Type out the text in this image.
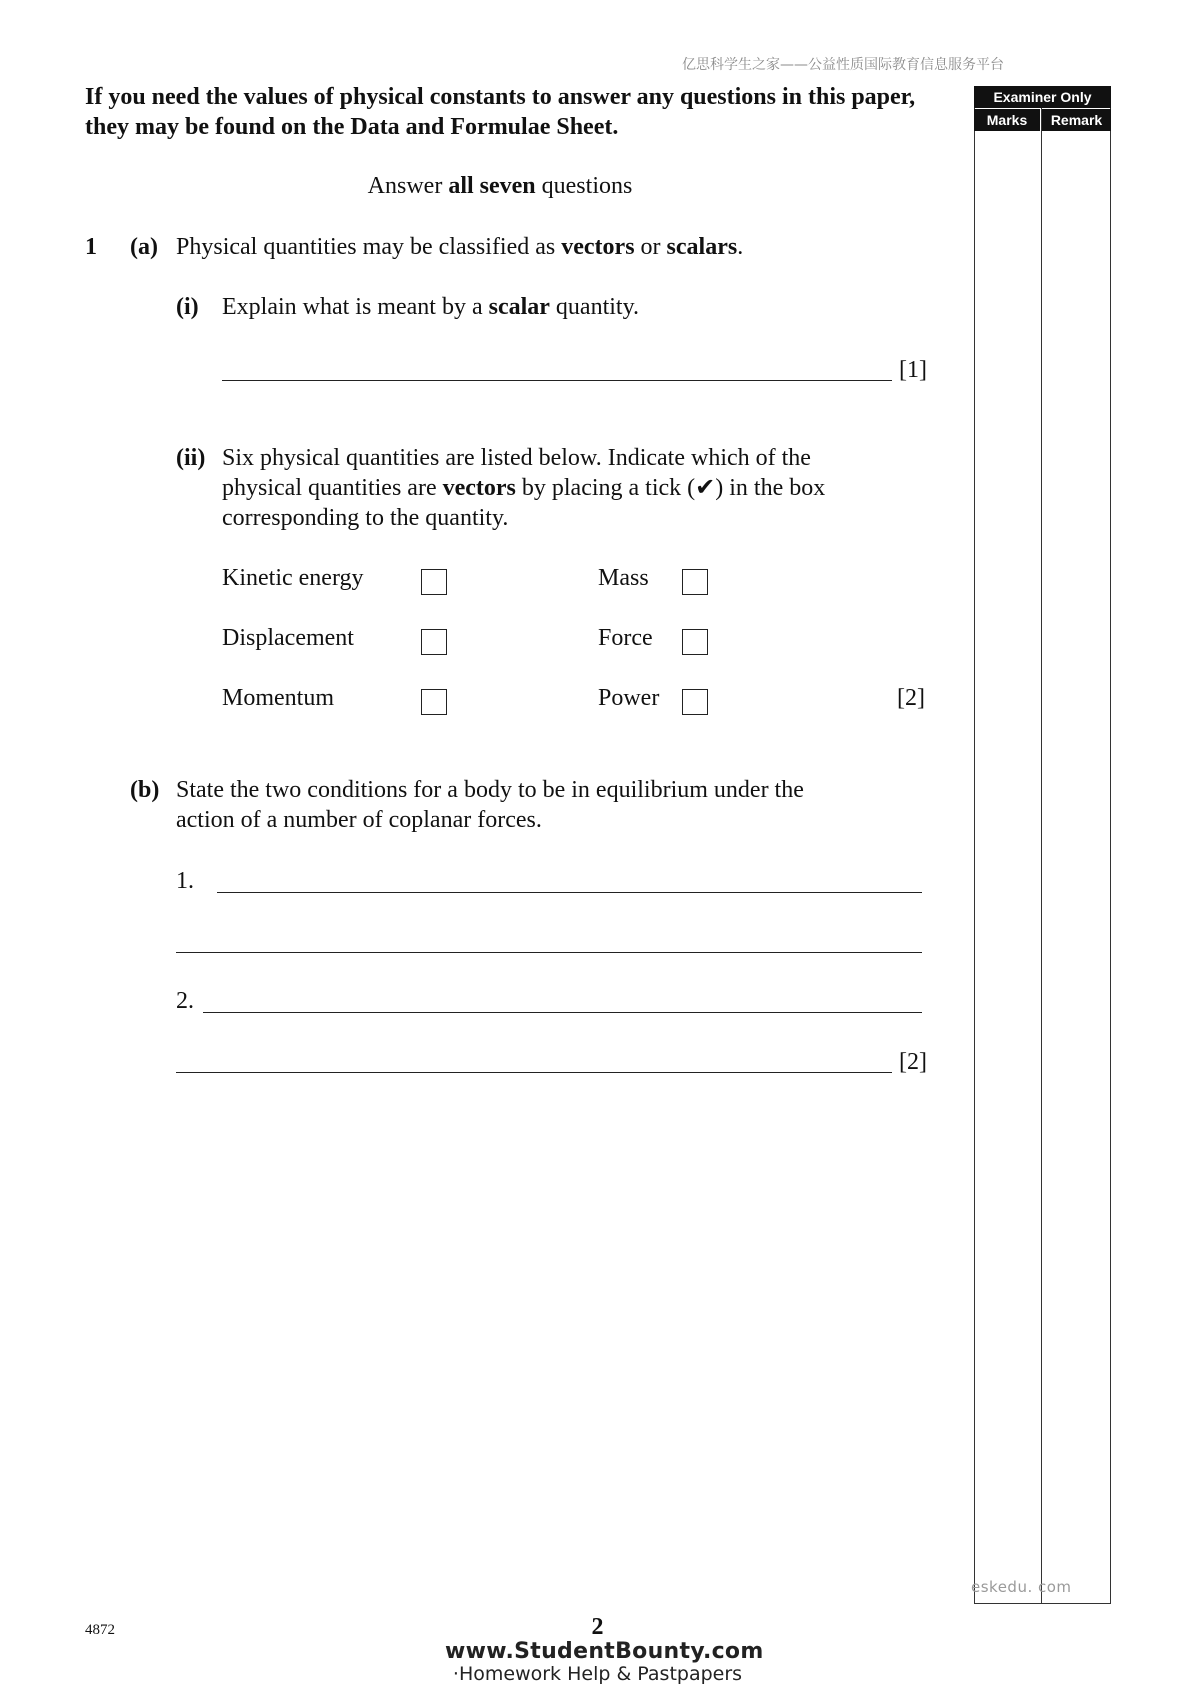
亿思科学生之家——公益性质国际教育信息服务平台
Examiner Only
Marks	Remark
If you need the values of physical constants to answer any questions in this paper, they may be found on the Data and Formulae Sheet.
Answer all seven questions
1 (a) Physical quantities may be classified as vectors or scalars.
(i) Explain what is meant by a scalar quantity.
[1]
(ii) Six physical quantities are listed below. Indicate which of the
physical quantities are vectors by placing a tick (✔) in the box
corresponding to the quantity.
Kinetic energy	Mass
Displacement	Force
Momentum	Power	[2]
(b) State the two conditions for a body to be in equilibrium under the
action of a number of coplanar forces.
1.
2.
[2]
eskedu. com
4872	2
www.StudentBounty.com
·Homework Help & Pastpapers
